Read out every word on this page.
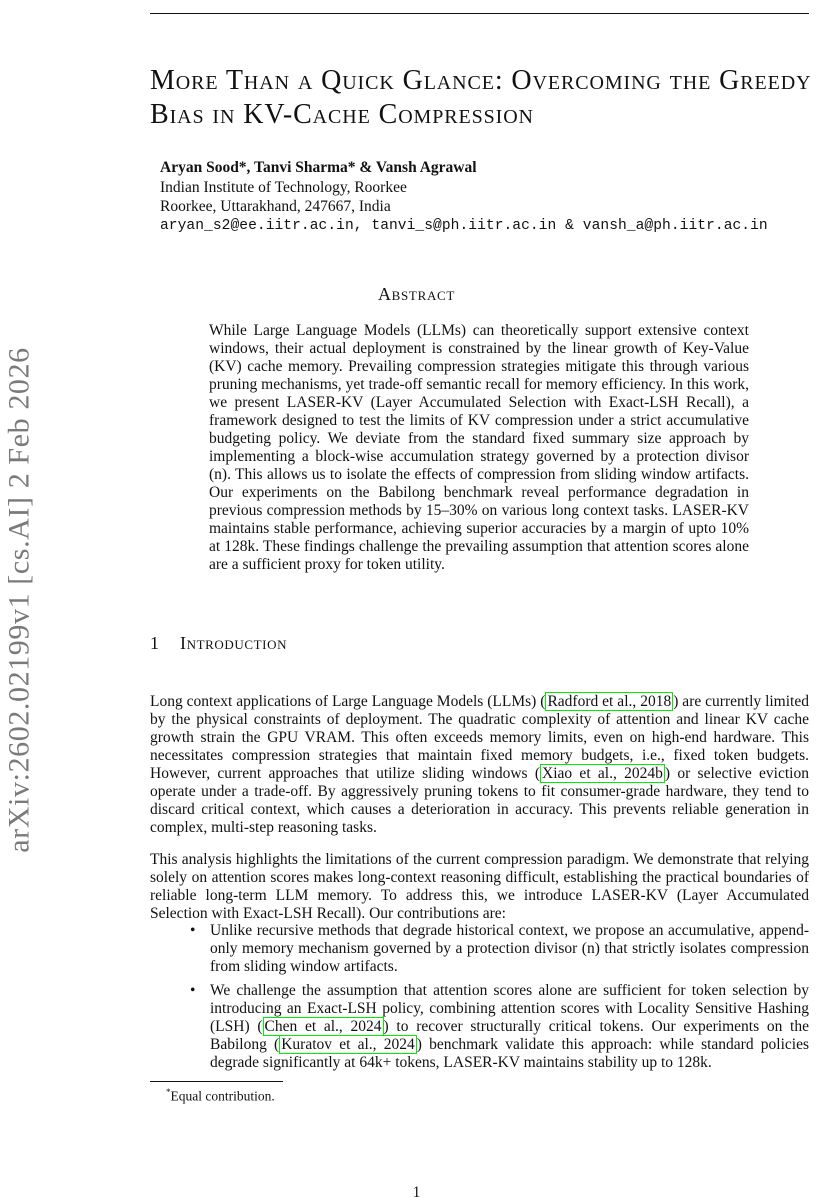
arXiv:2602.02199v1 [cs.AI] 2 Feb 2026
More Than a Quick Glance: Overcoming the Greedy Bias in KV-Cache Compression
Aryan Sood*, Tanvi Sharma* & Vansh Agrawal
Indian Institute of Technology, Roorkee
Roorkee, Uttarakhand, 247667, India
aryan_s2@ee.iitr.ac.in, tanvi_s@ph.iitr.ac.in & vansh_a@ph.iitr.ac.in
Abstract

While Large Language Models (LLMs) can theoretically support extensive context windows, their actual deployment is constrained by the linear growth of Key-Value (KV) cache memory. Prevailing compression strategies mitigate this through various pruning mechanisms, yet trade-off semantic recall for memory efficiency. In this work, we present LASER-KV (Layer Accumulated Selection with Exact-LSH Recall), a framework designed to test the limits of KV compression under a strict accumulative budgeting policy. We deviate from the standard fixed summary size approach by implementing a block-wise accumulation strategy governed by a protection divisor (n). This allows us to isolate the effects of compression from sliding window artifacts. Our experiments on the Babilong benchmark reveal performance degradation in previous compression methods by 15–30% on various long context tasks. LASER-KV maintains stable performance, achieving superior accuracies by a margin of upto 10% at 128k. These findings challenge the prevailing assumption that attention scores alone are a sufficient proxy for token utility.

1 Introduction

Long context applications of Large Language Models (LLMs) ( Radford et al., 2018 ) are currently limited by the physical constraints of deployment. The quadratic complexity of attention and linear KV cache growth strain the GPU VRAM. This often exceeds memory limits, even on high-end hardware. This necessitates compression strategies that maintain fixed memory budgets, i.e., fixed token budgets. However, current approaches that utilize sliding windows ( Xiao et al., 2024b ) or selective eviction operate under a trade-off. By aggressively pruning tokens to fit consumer-grade hardware, they tend to discard critical context, which causes a deterioration in accuracy. This prevents reliable generation in complex, multi-step reasoning tasks.

This analysis highlights the limitations of the current compression paradigm. We demonstrate that relying solely on attention scores makes long-context reasoning difficult, establishing the practical boundaries of reliable long-term LLM memory. To address this, we introduce LASER-KV (Layer Accumulated Selection with Exact-LSH Recall). Our contributions are:

• Unlike recursive methods that degrade historical context, we propose an accumulative, append-only memory mechanism governed by a protection divisor (n) that strictly isolates compression from sliding window artifacts.
• We challenge the assumption that attention scores alone are sufficient for token selection by introducing an Exact-LSH policy, combining attention scores with Locality Sensitive Hashing (LSH) ( Chen et al., 2024 ) to recover structurally critical tokens. Our experiments on the Babilong ( Kuratov et al., 2024 ) benchmark validate this approach: while standard policies degrade significantly at 64k+ tokens, LASER-KV maintains stability up to 128k.
*Equal contribution.
1
